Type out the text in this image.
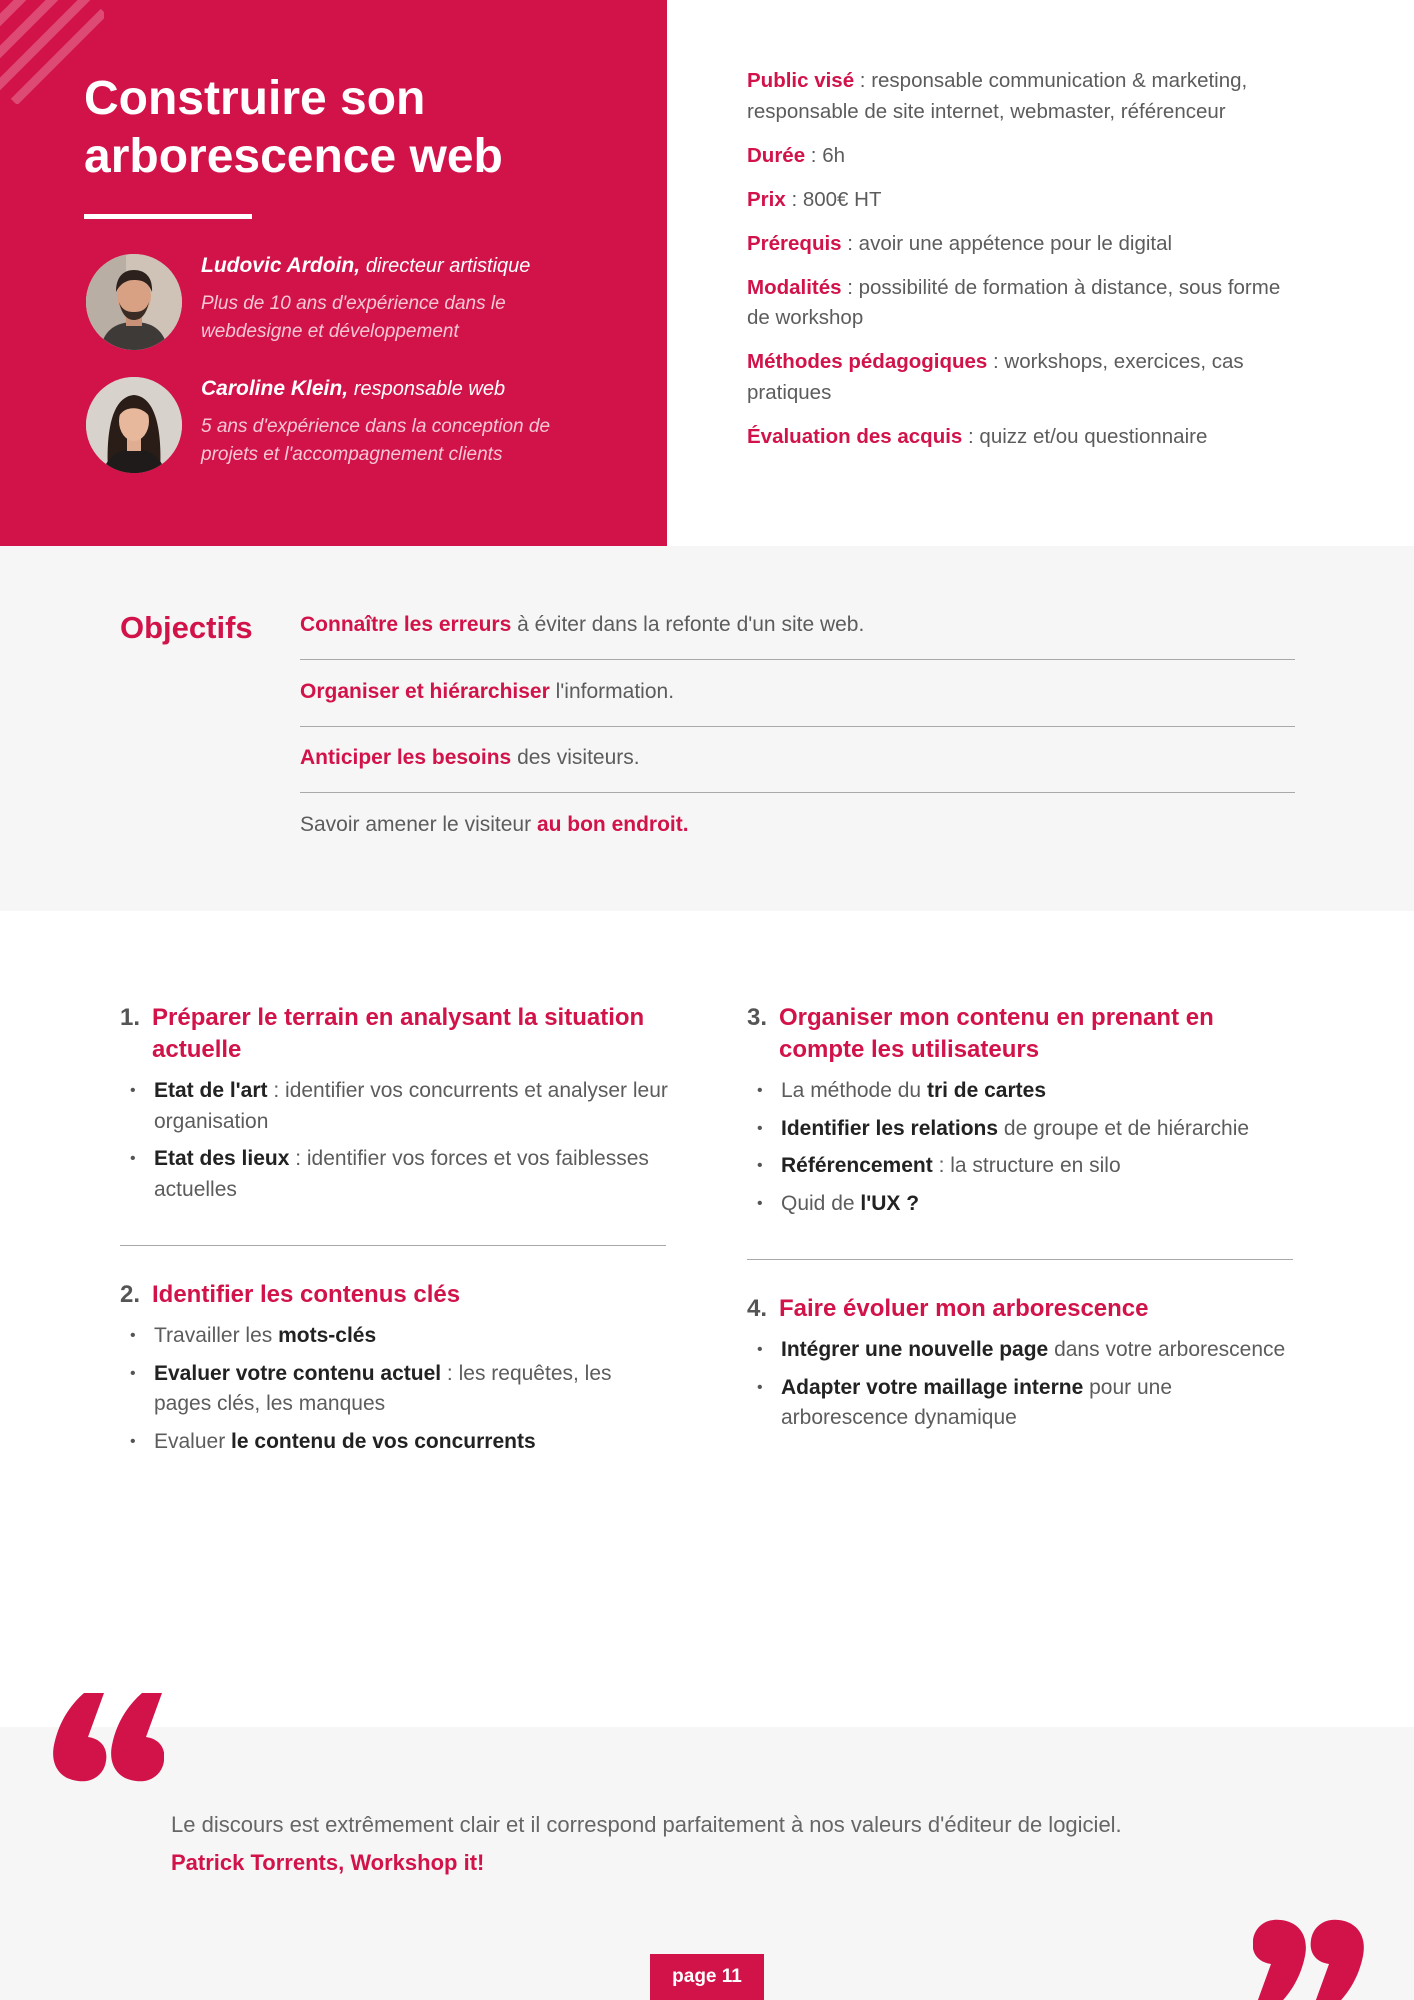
Construire son arborescence web
Ludovic Ardoin, directeur artistique

Plus de 10 ans d'expérience dans le webdesigne et développement

Caroline Klein, responsable web

5 ans d'expérience dans la conception de projets et l'accompagnement clients

Public visé : responsable communication & marketing, responsable de site internet, webmaster, référenceur

Durée : 6h

Prix : 800€ HT

Prérequis : avoir une appétence pour le digital

Modalités : possibilité de formation à distance, sous forme de workshop

Méthodes pédagogiques : workshops, exercices, cas pratiques

Évaluation des acquis : quizz et/ou questionnaire

Objectifs Connaître les erreurs à éviter dans la refonte d'un site web.

Organiser et hiérarchiser l'information.

Anticiper les besoins des visiteurs.

Savoir amener le visiteur au bon endroit.

1. Préparer le terrain en analysant la situation actuelle
• Etat de l'art : identifier vos concurrents et analyser leur organisation
• Etat des lieux : identifier vos forces et vos faiblesses actuelles
2. Identifier les contenus clés
• Travailler les mots-clés
• Evaluer votre contenu actuel : les requêtes, les pages clés, les manques
• Evaluer le contenu de vos concurrents
3. Organiser mon contenu en prenant en compte les utilisateurs
• La méthode du tri de cartes
• Identifier les relations de groupe et de hiérarchie
• Référencement : la structure en silo
• Quid de l'UX ?
4. Faire évoluer mon arborescence
• Intégrer une nouvelle page dans votre arborescence
• Adapter votre maillage interne pour une arborescence dynamique

Le discours est extrêmement clair et il correspond parfaitement à nos valeurs d'éditeur de logiciel. Patrick Torrents, Workshop it!

page 11
